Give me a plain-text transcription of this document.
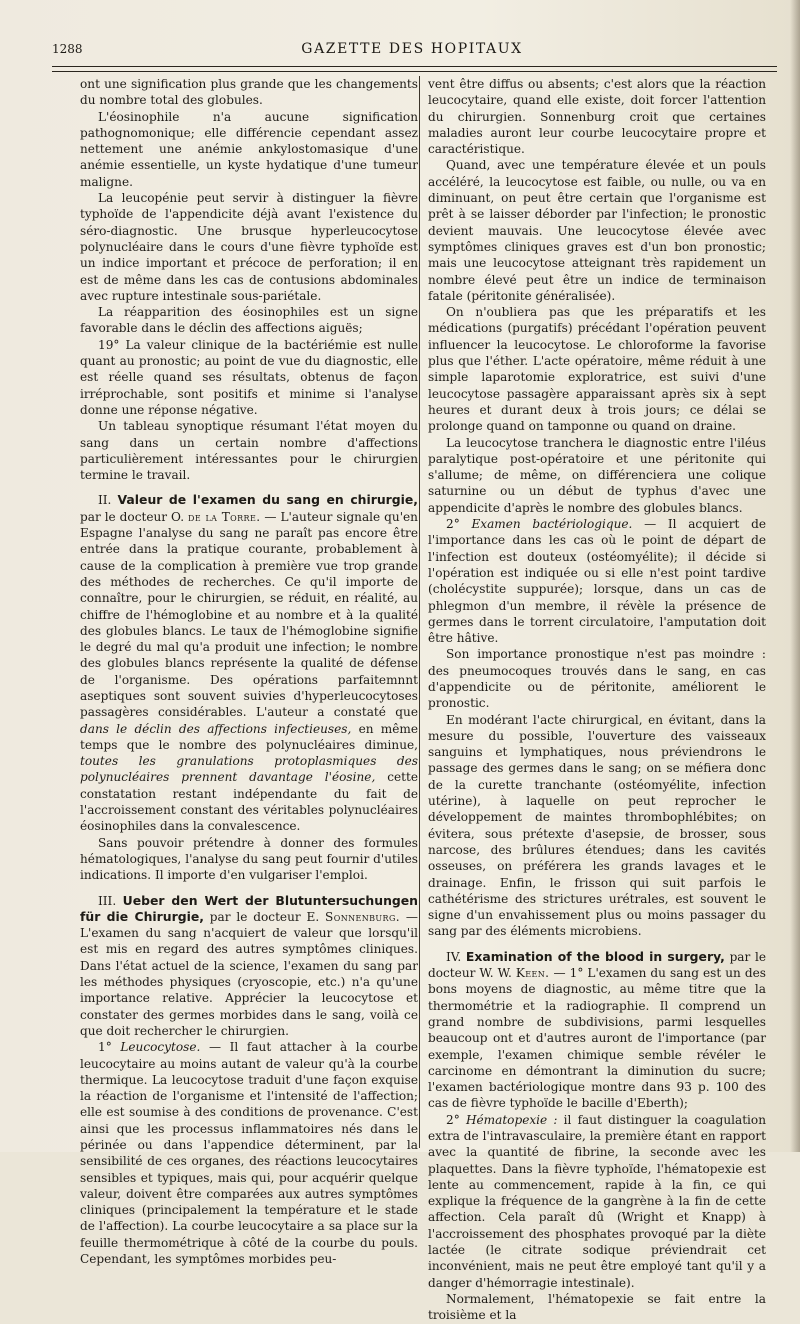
1288	GAZETTE DES HOPITAUX

ont une signification plus grande que les changements du nombre total des globules.

L'éosinophile n'a aucune signification pathognomonique; elle différencie cependant assez nettement une anémie ankylostomasique d'une anémie essentielle, un kyste hydatique d'une tumeur maligne.

La leucopénie peut servir à distinguer la fièvre typhoïde de l'appendicite déjà avant l'existence du séro-diagnostic. Une brusque hyperleucocytose polynucléaire dans le cours d'une fièvre typhoïde est un indice important et précoce de perforation; il en est de même dans les cas de contusions abdominales avec rupture intestinale sous-pariétale.

La réapparition des éosinophiles est un signe favorable dans le déclin des affections aiguës;

19° La valeur clinique de la bactériémie est nulle quant au pronostic; au point de vue du diagnostic, elle est réelle quand ses résultats, obtenus de façon irréprochable, sont positifs et minime si l'analyse donne une réponse négative.

Un tableau synoptique résumant l'état moyen du sang dans un certain nombre d'affections particulièrement intéressantes pour le chirurgien termine le travail.

II. Valeur de l'examen du sang en chirurgie, par le docteur O. de la Torre. — L'auteur signale qu'en Espagne l'analyse du sang ne paraît pas encore être entrée dans la pratique courante, probablement à cause de la complication à première vue trop grande des méthodes de recherches. Ce qu'il importe de connaître, pour le chirurgien, se réduit, en réalité, au chiffre de l'hémoglobine et au nombre et à la qualité des globules blancs. Le taux de l'hémoglobine signifie le degré du mal qu'a produit une infection; le nombre des globules blancs représente la qualité de défense de l'organisme. Des opérations parfaitemnnt aseptiques sont souvent suivies d'hyperleucocytoses passagères considérables. L'auteur a constaté que dans le déclin des affections infectieuses, en même temps que le nombre des polynucléaires diminue, toutes les granulations protoplasmiques des polynucléaires prennent davantage l'éosine, cette constatation restant indépendante du fait de l'accroissement constant des véritables polynucléaires éosinophiles dans la convalescence.

Sans pouvoir prétendre à donner des formules hématologiques, l'analyse du sang peut fournir d'utiles indications. Il importe d'en vulgariser l'emploi.

III. Ueber den Wert der Blutuntersuchungen für die Chirurgie, par le docteur E. Sonnenburg. — L'examen du sang n'acquiert de valeur que lorsqu'il est mis en regard des autres symptômes cliniques. Dans l'état actuel de la science, l'examen du sang par les méthodes physiques (cryoscopie, etc.) n'a qu'une importance relative. Apprécier la leucocytose et constater des germes morbides dans le sang, voilà ce que doit rechercher le chirurgien.

1° Leucocytose. — Il faut attacher à la courbe leucocytaire au moins autant de valeur qu'à la courbe thermique. La leucocytose traduit d'une façon exquise la réaction de l'organisme et l'intensité de l'affection; elle est soumise à des conditions de provenance. C'est ainsi que les processus inflammatoires nés dans le périnée ou dans l'appendice déterminent, par la sensibilité de ces organes, des réactions leucocytaires sensibles et typiques, mais qui, pour acquérir quelque valeur, doivent être comparées aux autres symptômes cliniques (principalement la température et le stade de l'affection). La courbe leucocytaire a sa place sur la feuille thermométrique à côté de la courbe du pouls. Cependant, les symptômes morbides peu-

vent être diffus ou absents; c'est alors que la réaction leucocytaire, quand elle existe, doit forcer l'attention du chirurgien. Sonnenburg croit que certaines maladies auront leur courbe leucocytaire propre et caractéristique.

Quand, avec une température élevée et un pouls accéléré, la leucocytose est faible, ou nulle, ou va en diminuant, on peut être certain que l'organisme est prêt à se laisser déborder par l'infection; le pronostic devient mauvais. Une leucocytose élevée avec symptômes cliniques graves est d'un bon pronostic; mais une leucocytose atteignant très rapidement un nombre élevé peut être un indice de terminaison fatale (péritonite généralisée).

On n'oubliera pas que les préparatifs et les médications (purgatifs) précédant l'opération peuvent influencer la leucocytose. Le chloroforme la favorise plus que l'éther. L'acte opératoire, même réduit à une simple laparotomie exploratrice, est suivi d'une leucocytose passagère apparaissant après six à sept heures et durant deux à trois jours; ce délai se prolonge quand on tamponne ou quand on draine.

La leucocytose tranchera le diagnostic entre l'iléus paralytique post-opératoire et une péritonite qui s'allume; de même, on différenciera une colique saturnine ou un début de typhus d'avec une appendicite d'après le nombre des globules blancs.

2° Examen bactériologique. — Il acquiert de l'importance dans les cas où le point de départ de l'infection est douteux (ostéomyélite); il décide si l'opération est indiquée ou si elle n'est point tardive (cholécystite suppurée); lorsque, dans un cas de phlegmon d'un membre, il révèle la présence de germes dans le torrent circulatoire, l'amputation doit être hâtive.

Son importance pronostique n'est pas moindre : des pneumocoques trouvés dans le sang, en cas d'appendicite ou de péritonite, améliorent le pronostic.

En modérant l'acte chirurgical, en évitant, dans la mesure du possible, l'ouverture des vaisseaux sanguins et lymphatiques, nous préviendrons le passage des germes dans le sang; on se méfiera donc de la curette tranchante (ostéomyélite, infection utérine), à laquelle on peut reprocher le développement de maintes thrombophlébites; on évitera, sous prétexte d'asepsie, de brosser, sous narcose, des brûlures étendues; dans les cavités osseuses, on préférera les grands lavages et le drainage. Enfin, le frisson qui suit parfois le cathétérisme des strictures urétrales, est souvent le signe d'un envahissement plus ou moins passager du sang par des éléments microbiens.

IV. Examination of the blood in surgery, par le docteur W. W. Keen. — 1° L'examen du sang est un des bons moyens de diagnostic, au même titre que la thermométrie et la radiographie. Il comprend un grand nombre de subdivisions, parmi lesquelles beaucoup ont et d'autres auront de l'importance (par exemple, l'examen chimique semble révéler le carcinome en démontrant la diminution du sucre; l'examen bactériologique montre dans 93 p. 100 des cas de fièvre typhoïde le bacille d'Eberth);

2° Hématopexie : il faut distinguer la coagulation extra de l'intravasculaire, la première étant en rapport avec la quantité de fibrine, la seconde avec les plaquettes. Dans la fièvre typhoïde, l'hématopexie est lente au commencement, rapide à la fin, ce qui explique la fréquence de la gangrène à la fin de cette affection. Cela paraît dû (Wright et Knapp) à l'accroissement des phosphates provoqué par la diète lactée (le citrate sodique préviendrait cet inconvénient, mais ne peut être employé tant qu'il y a danger d'hémorragie intestinale).

Normalement, l'hématopexie se fait entre la troisième et la
